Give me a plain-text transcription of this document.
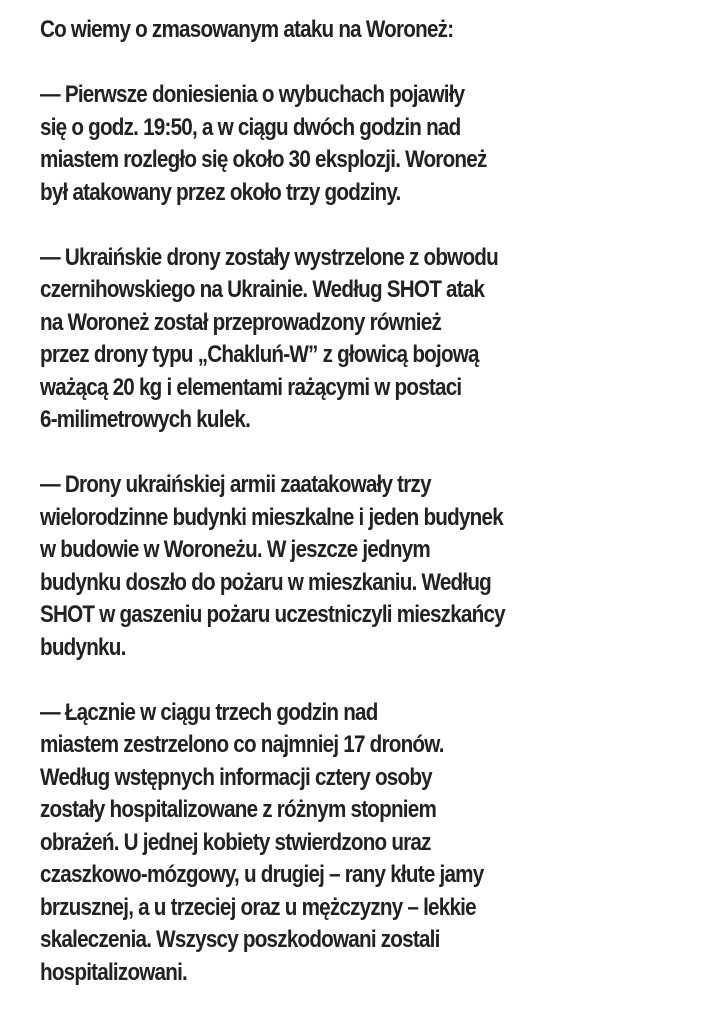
Co wiemy o zmasowanym ataku na Woroneż:
— Pierwsze doniesienia o wybuchach pojawiły
się o godz. 19:50, a w ciągu dwóch godzin nad
miastem rozległo się około 30 eksplozji. Woroneż
był atakowany przez około trzy godziny.
— Ukraińskie drony zostały wystrzelone z obwodu
czernihowskiego na Ukrainie. Według SHOT atak
na Woroneż został przeprowadzony również
przez drony typu „Chakluń-W” z głowicą bojową
ważącą 20 kg i elementami rażącymi w postaci
6-milimetrowych kulek.
— Drony ukraińskiej armii zaatakowały trzy
wielorodzinne budynki mieszkalne i jeden budynek
w budowie w Woroneżu. W jeszcze jednym
budynku doszło do pożaru w mieszkaniu. Według
SHOT w gaszeniu pożaru uczestniczyli mieszkańcy
budynku.
— Łącznie w ciągu trzech godzin nad
miastem zestrzelono co najmniej 17 dronów.
Według wstępnych informacji cztery osoby
zostały hospitalizowane z różnym stopniem
obrażeń. U jednej kobiety stwierdzono uraz
czaszkowo-mózgowy, u drugiej – rany kłute jamy
brzusznej, a u trzeciej oraz u mężczyzny – lekkie
skaleczenia. Wszyscy poszkodowani zostali
hospitalizowani.
